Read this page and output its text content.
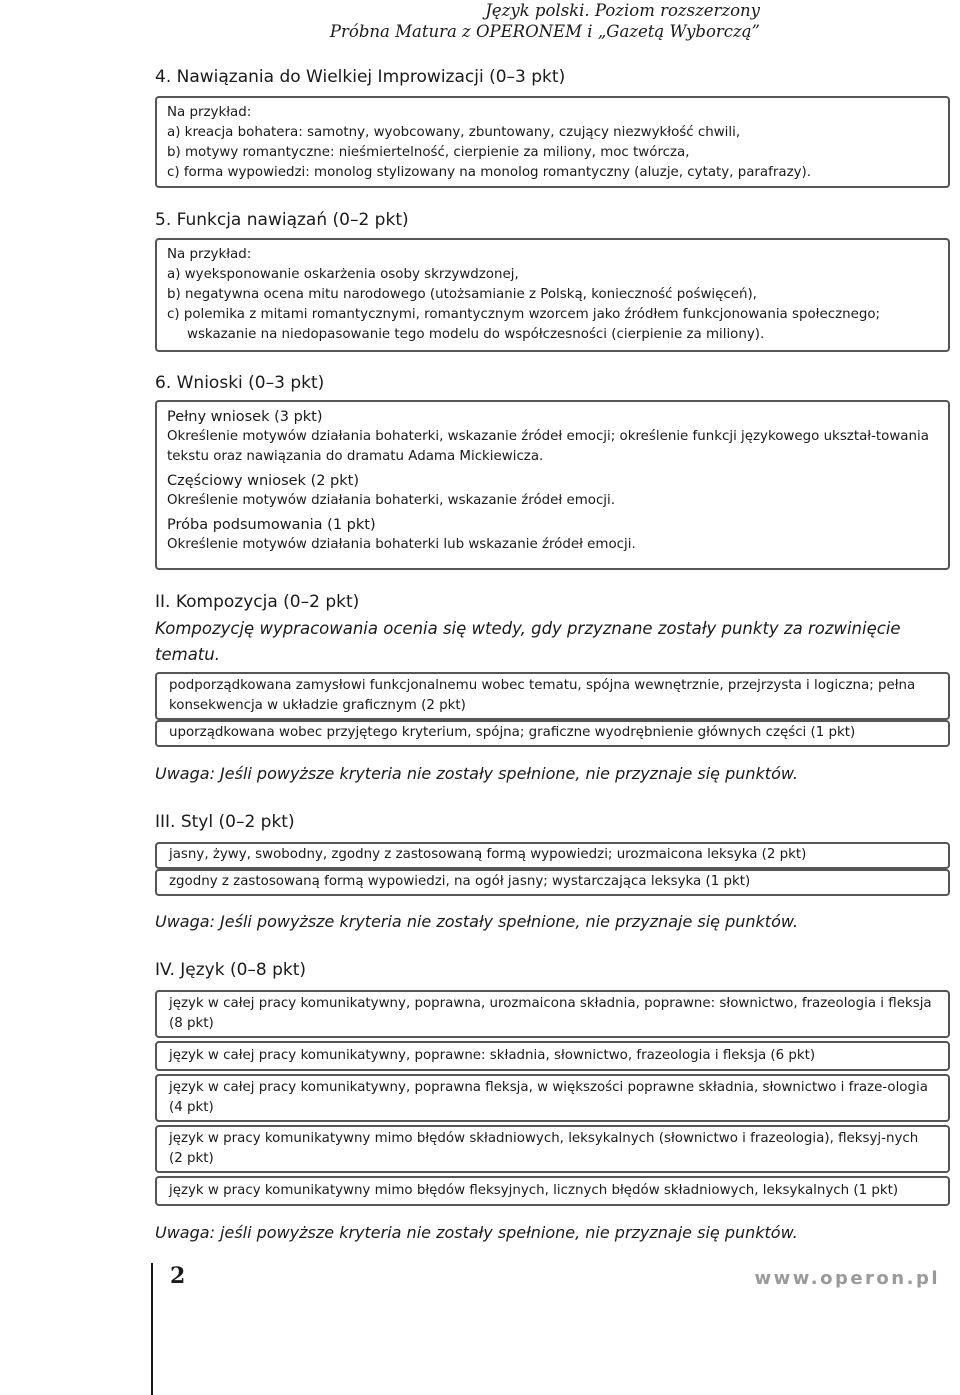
Język polski. Poziom rozszerzony
Próbna Matura z OPERONEM i „Gazetą Wyborczą”
4. Nawiązania do Wielkiej Improwizacji (0–3 pkt)

Na przykład:

a) kreacja bohatera: samotny, wyobcowany, zbuntowany, czujący niezwykłość chwili,

b) motywy romantyczne: nieśmiertelność, cierpienie za miliony, moc twórcza,

c) forma wypowiedzi: monolog stylizowany na monolog romantyczny (aluzje, cytaty, parafrazy).

5. Funkcja nawiązań (0–2 pkt)

Na przykład:

a) wyeksponowanie oskarżenia osoby skrzywdzonej,

b) negatywna ocena mitu narodowego (utożsamianie z Polską, konieczność poświęceń),

c) polemika z mitami romantycznymi, romantycznym wzorcem jako źródłem funkcjonowania społecznego;

wskazanie na niedopasowanie tego modelu do współczesności (cierpienie za miliony).

6. Wnioski (0–3 pkt)
Pełny wniosek (3 pkt)

Określenie motywów działania bohaterki, wskazanie źródeł emocji; określenie funkcji językowego ukształ-towania tekstu oraz nawiązania do dramatu Adama Mickiewicza.

Częściowy wniosek (2 pkt)

Określenie motywów działania bohaterki, wskazanie źródeł emocji.

Próba podsumowania (1 pkt)

Określenie motywów działania bohaterki lub wskazanie źródeł emocji.

II. Kompozycja (0–2 pkt)
Kompozycję wypracowania ocenia się wtedy, gdy przyznane zostały punkty za rozwinięcie tematu.
podporządkowana zamysłowi funkcjonalnemu wobec tematu, spójna wewnętrznie, przejrzysta i logiczna; pełna konsekwencja w układzie graficznym (2 pkt)
uporządkowana wobec przyjętego kryterium, spójna; graficzne wyodrębnienie głównych części (1 pkt)
Uwaga: Jeśli powyższe kryteria nie zostały spełnione, nie przyznaje się punktów.
III. Styl (0–2 pkt)
jasny, żywy, swobodny, zgodny z zastosowaną formą wypowiedzi; urozmaicona leksyka (2 pkt)
zgodny z zastosowaną formą wypowiedzi, na ogół jasny; wystarczająca leksyka (1 pkt)
Uwaga: Jeśli powyższe kryteria nie zostały spełnione, nie przyznaje się punktów.
IV. Język (0–8 pkt)
język w całej pracy komunikatywny, poprawna, urozmaicona składnia, poprawne: słownictwo, frazeologia i fleksja (8 pkt)
język w całej pracy komunikatywny, poprawne: składnia, słownictwo, frazeologia i fleksja (6 pkt)
język w całej pracy komunikatywny, poprawna fleksja, w większości poprawne składnia, słownictwo i fraze-ologia (4 pkt)
język w pracy komunikatywny mimo błędów składniowych, leksykalnych (słownictwo i frazeologia), fleksyj-nych (2 pkt)
język w pracy komunikatywny mimo błędów fleksyjnych, licznych błędów składniowych, leksykalnych (1 pkt)
Uwaga: jeśli powyższe kryteria nie zostały spełnione, nie przyznaje się punktów.
2	www.operon.pl
